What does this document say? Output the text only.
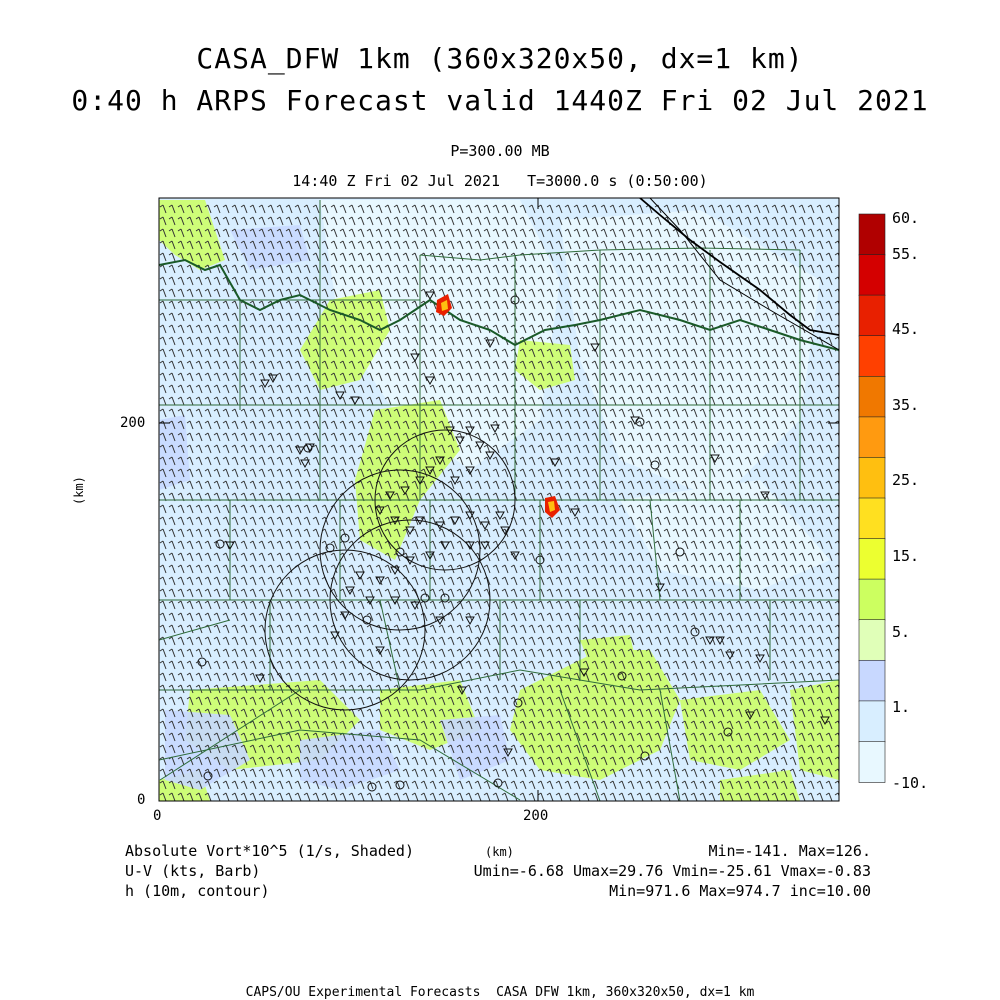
CASA_DFW 1km (360x320x50, dx=1 km)
0:40 h ARPS Forecast valid 1440Z Fri 02 Jul 2021
P=300.00 MB
14:40 Z Fri 02 Jul 2021   T=3000.0 s (0:50:00)
200
0
0	200
(km)
(km)
60.
55.
45.
35.
25.
15.
5.
1.
-10.
Absolute Vort*10^5 (1/s, Shaded)
U-V (kts, Barb)
h (10m, contour)
Min=-141. Max=126.
Umin=-6.68 Umax=29.76 Vmin=-25.61 Vmax=-0.83
Min=971.6 Max=974.7 inc=10.00
CAPS/OU Experimental Forecasts  CASA DFW 1km, 360x320x50, dx=1 km
